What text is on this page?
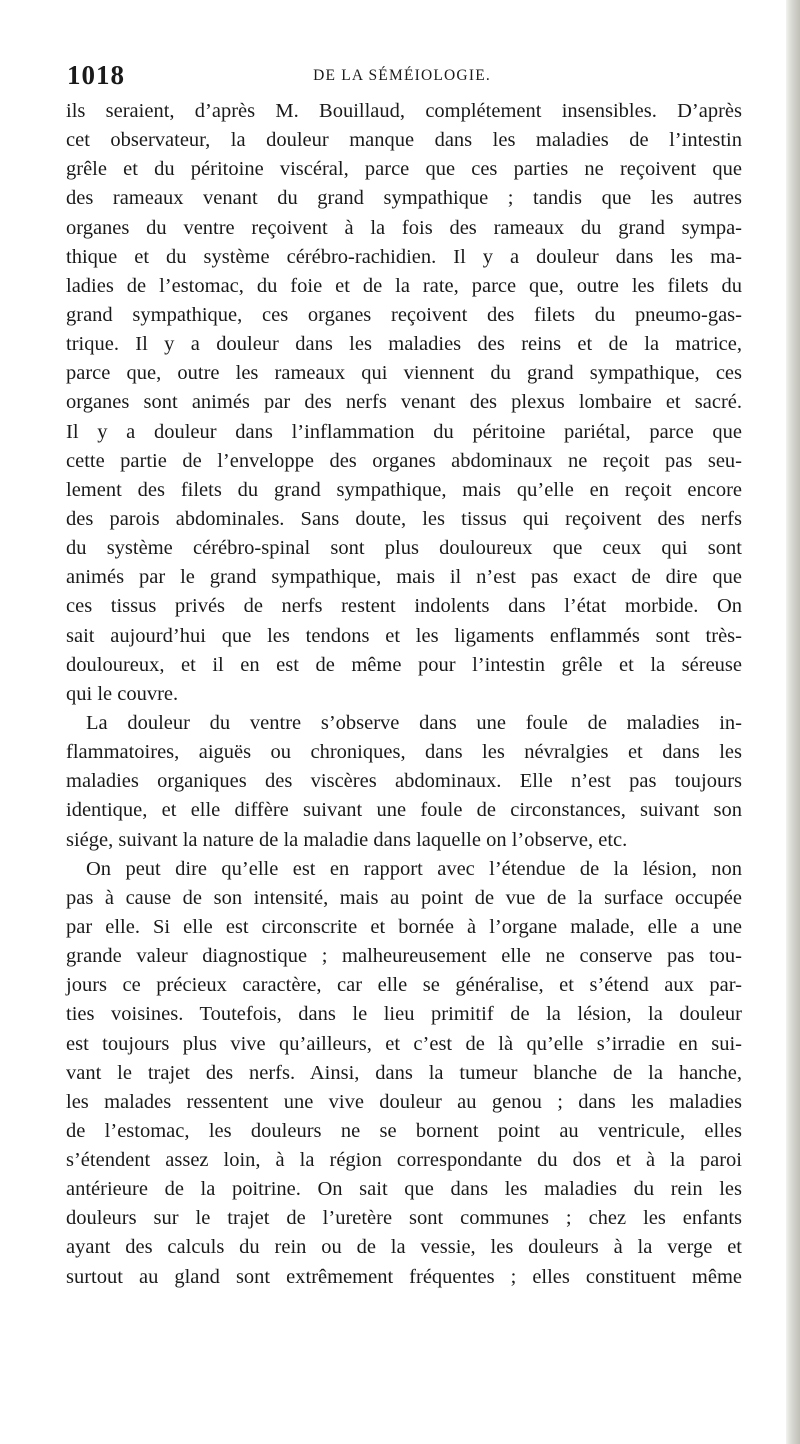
1018	DE LA SÉMÉIOLOGIE.
ils seraient, d’après M. Bouillaud, complétement insensibles. D’après
cet observateur, la douleur manque dans les maladies de l’intestin
grêle et du péritoine viscéral, parce que ces parties ne reçoivent que
des rameaux venant du grand sympathique ; tandis que les autres
organes du ventre reçoivent à la fois des rameaux du grand sympa-
thique et du système cérébro-rachidien. Il y a douleur dans les ma-
ladies de l’estomac, du foie et de la rate, parce que, outre les filets du
grand sympathique, ces organes reçoivent des filets du pneumo-gas-
trique. Il y a douleur dans les maladies des reins et de la matrice,
parce que, outre les rameaux qui viennent du grand sympathique, ces
organes sont animés par des nerfs venant des plexus lombaire et sacré.
Il y a douleur dans l’inflammation du péritoine pariétal, parce que
cette partie de l’enveloppe des organes abdominaux ne reçoit pas seu-
lement des filets du grand sympathique, mais qu’elle en reçoit encore
des parois abdominales. Sans doute, les tissus qui reçoivent des nerfs
du système cérébro-spinal sont plus douloureux que ceux qui sont
animés par le grand sympathique, mais il n’est pas exact de dire que
ces tissus privés de nerfs restent indolents dans l’état morbide. On
sait aujourd’hui que les tendons et les ligaments enflammés sont très-
douloureux, et il en est de même pour l’intestin grêle et la séreuse
qui le couvre.
La douleur du ventre s’observe dans une foule de maladies in-
flammatoires, aiguës ou chroniques, dans les névralgies et dans les
maladies organiques des viscères abdominaux. Elle n’est pas toujours
identique, et elle diffère suivant une foule de circonstances, suivant son
siége, suivant la nature de la maladie dans laquelle on l’observe, etc.
On peut dire qu’elle est en rapport avec l’étendue de la lésion, non
pas à cause de son intensité, mais au point de vue de la surface occupée
par elle. Si elle est circonscrite et bornée à l’organe malade, elle a une
grande valeur diagnostique ; malheureusement elle ne conserve pas tou-
jours ce précieux caractère, car elle se généralise, et s’étend aux par-
ties voisines. Toutefois, dans le lieu primitif de la lésion, la douleur
est toujours plus vive qu’ailleurs, et c’est de là qu’elle s’irradie en sui-
vant le trajet des nerfs. Ainsi, dans la tumeur blanche de la hanche,
les malades ressentent une vive douleur au genou ; dans les maladies
de l’estomac, les douleurs ne se bornent point au ventricule, elles
s’étendent assez loin, à la région correspondante du dos et à la paroi
antérieure de la poitrine. On sait que dans les maladies du rein les
douleurs sur le trajet de l’uretère sont communes ; chez les enfants
ayant des calculs du rein ou de la vessie, les douleurs à la verge et
surtout au gland sont extrêmement fréquentes ; elles constituent même
